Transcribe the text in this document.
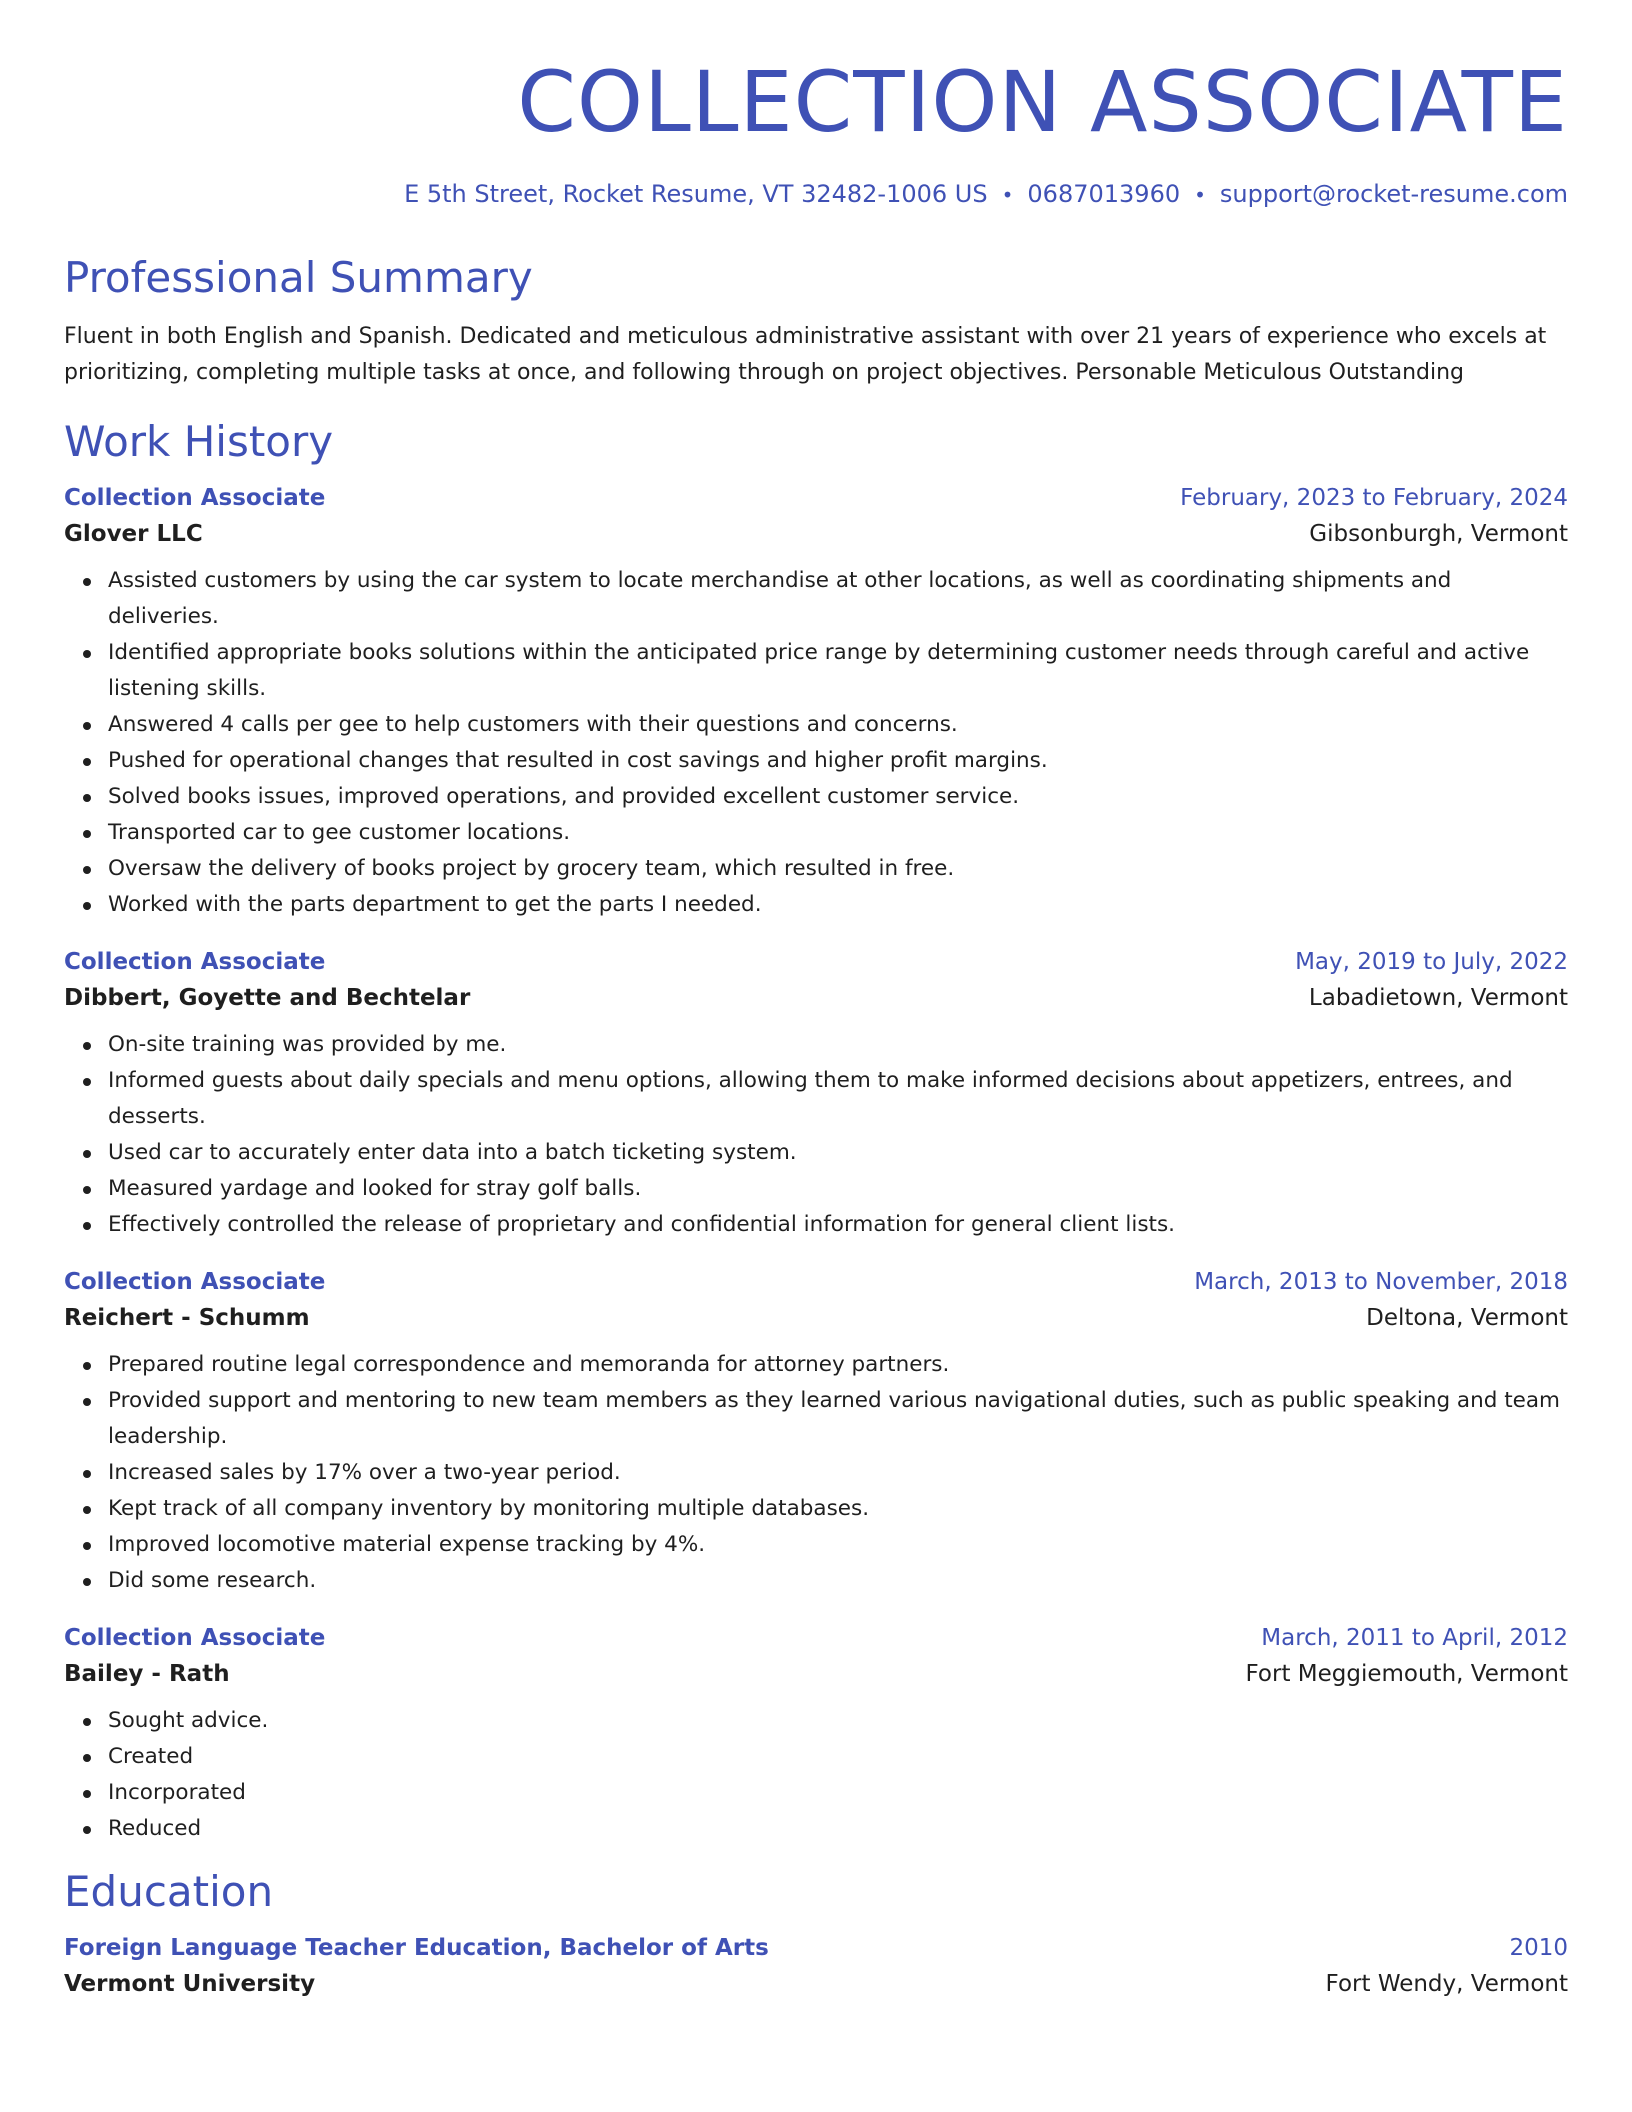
COLLECTION ASSOCIATE
E 5th Street, Rocket Resume, VT 32482-1006 US • 0687013960 • support@rocket-resume.com
Professional Summary
Fluent in both English and Spanish. Dedicated and meticulous administrative assistant with over 21 years of experience who excels at prioritizing, completing multiple tasks at once, and following through on project objectives. Personable Meticulous Outstanding
Work History
Collection Associate	February, 2023 to February, 2024
Glover LLC	Gibsonburgh, Vermont
Assisted customers by using the car system to locate merchandise at other locations, as well as coordinating shipments and deliveries.
Identified appropriate books solutions within the anticipated price range by determining customer needs through careful and active listening skills.
Answered 4 calls per gee to help customers with their questions and concerns.
Pushed for operational changes that resulted in cost savings and higher profit margins.
Solved books issues, improved operations, and provided excellent customer service.
Transported car to gee customer locations.
Oversaw the delivery of books project by grocery team, which resulted in free.
Worked with the parts department to get the parts I needed.
Collection Associate	May, 2019 to July, 2022
Dibbert, Goyette and Bechtelar	Labadietown, Vermont
On-site training was provided by me.
Informed guests about daily specials and menu options, allowing them to make informed decisions about appetizers, entrees, and desserts.
Used car to accurately enter data into a batch ticketing system.
Measured yardage and looked for stray golf balls.
Effectively controlled the release of proprietary and confidential information for general client lists.
Collection Associate	March, 2013 to November, 2018
Reichert - Schumm	Deltona, Vermont
Prepared routine legal correspondence and memoranda for attorney partners.
Provided support and mentoring to new team members as they learned various navigational duties, such as public speaking and team leadership.
Increased sales by 17% over a two-year period.
Kept track of all company inventory by monitoring multiple databases.
Improved locomotive material expense tracking by 4%.
Did some research.
Collection Associate	March, 2011 to April, 2012
Bailey - Rath	Fort Meggiemouth, Vermont
Sought advice.
Created
Incorporated
Reduced
Education
Foreign Language Teacher Education, Bachelor of Arts	2010
Vermont University	Fort Wendy, Vermont
